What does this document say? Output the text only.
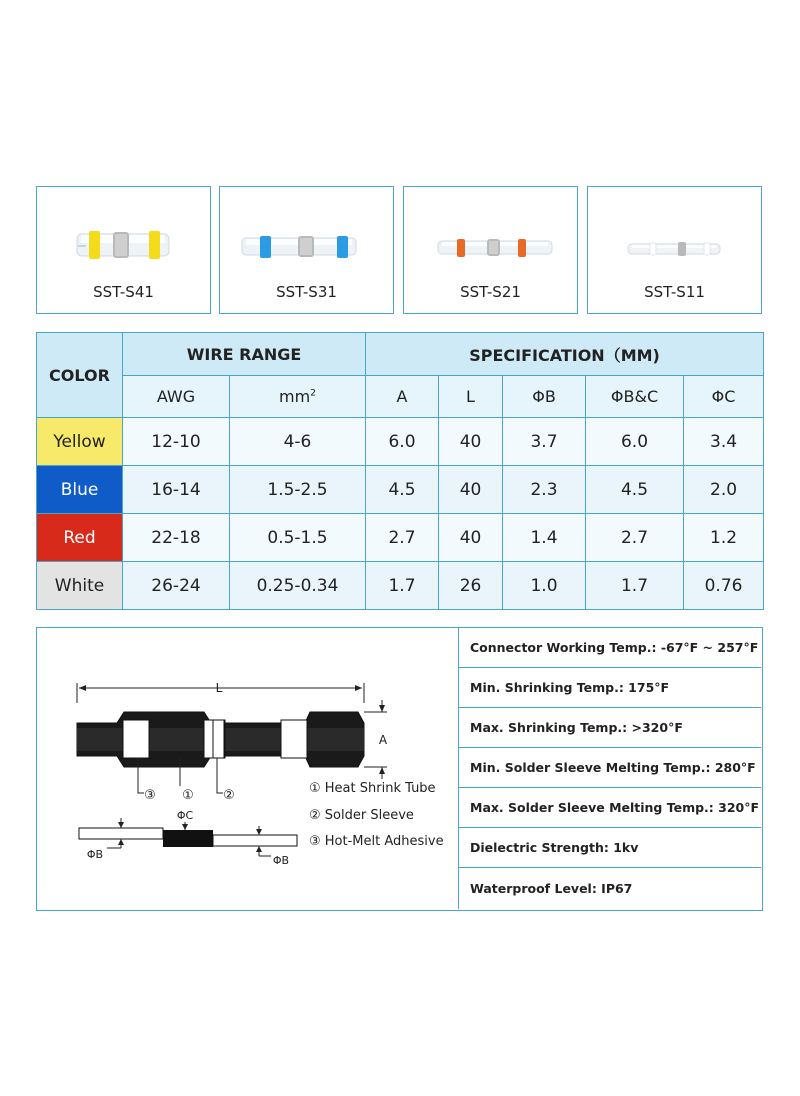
SST-S41	SST-S31	SST-S21	SST-S11
COLOR	WIRE RANGE		SPECIFICATION（MM)				
	AWG	$mm^2$	A	L	ΦB	ΦB&C	ΦC
Yellow	12-10	4-6	6.0	40	3.7	6.0	3.4
Blue	16-14	1.5-2.5	4.5	40	2.3	4.5	2.0
Red	22-18	0.5-1.5	2.7	40	1.4	2.7	1.2
White	26-24	0.25-0.34	1.7	26	1.0	1.7	0.76
L
A
③ ① ②
ΦC
ΦB	ΦB
① Heat Shrink Tube
② Solder Sleeve
③ Hot-Melt Adhesive
Connector Working Temp.: -67°F ~ 257°F
Min. Shrinking Temp.: 175°F
Max. Shrinking Temp.: >320°F
Min. Solder Sleeve Melting Temp.: 280°F
Max. Solder Sleeve Melting Temp.: 320°F
Dielectric Strength: 1kv
Waterproof Level: IP67
